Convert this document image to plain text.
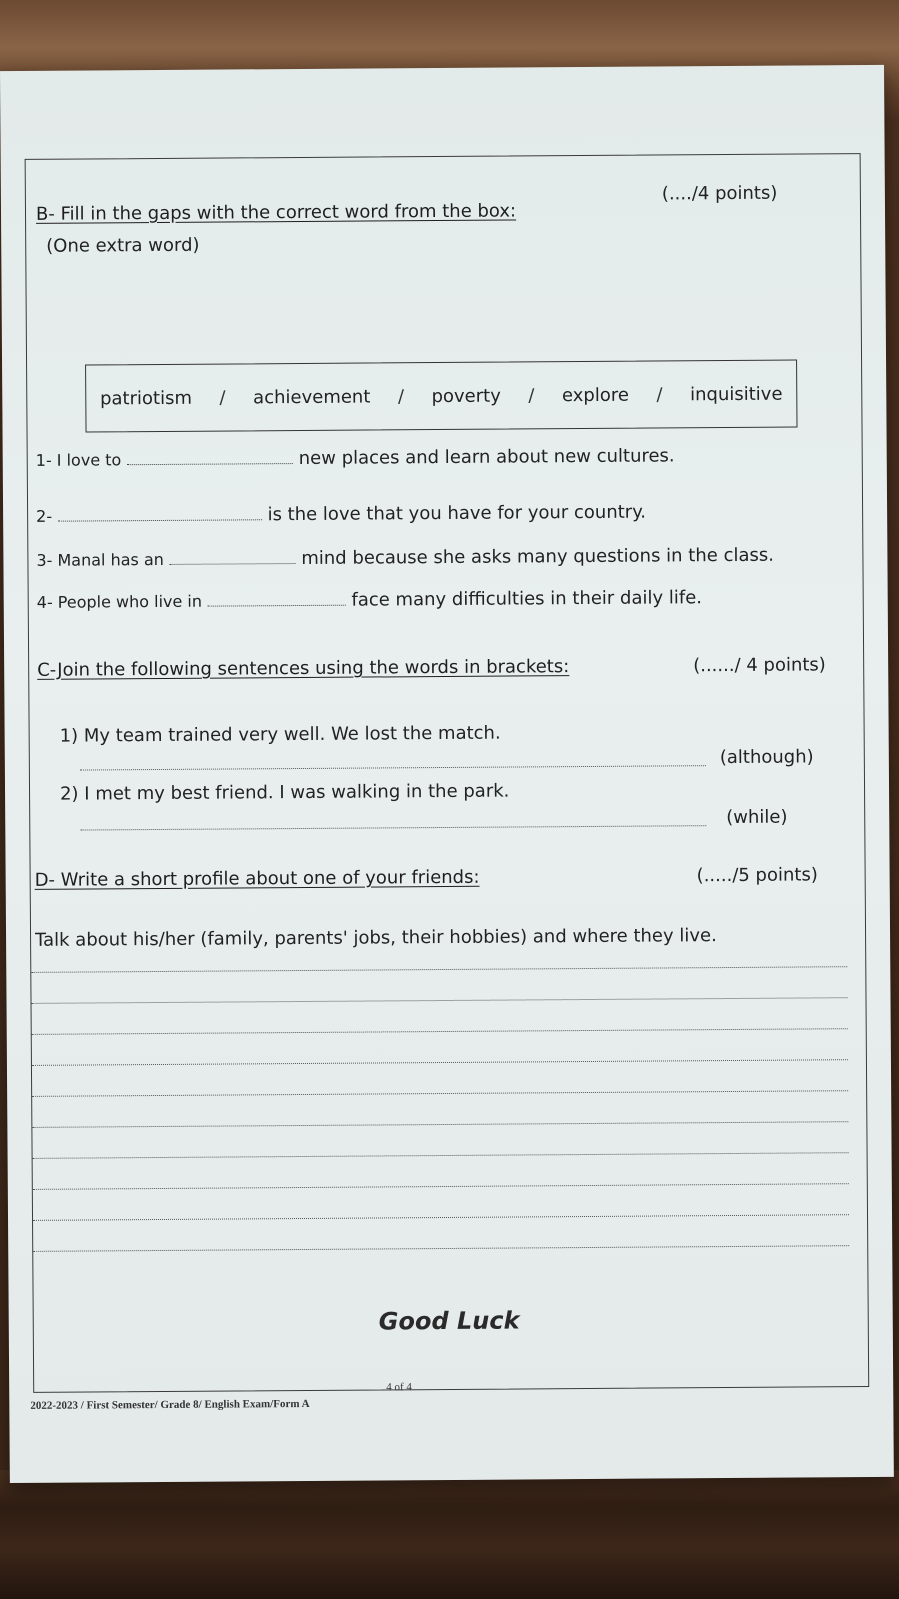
B- Fill in the gaps with the correct word from the box:
(..../4 points)
(One extra word)
patriotism / achievement / poverty / explore / inquisitive
1- I love to	new places and learn about new cultures.
2-	is the love that you have for your country.
3- Manal has an	mind because she asks many questions in the class.
4- People who live in	face many difficulties in their daily life.
C-Join the following sentences using the words in brackets:	(....../ 4 points)
1) My team trained very well. We lost the match.
(although)
2) I met my best friend. I was walking in the park.
(while)
D- Write a short profile about one of your friends:	(...../5 points)
Talk about his/her (family, parents' jobs, their hobbies) and where they live.
Good Luck
4 of 4
2022-2023 / First Semester/ Grade 8/ English Exam/Form A
